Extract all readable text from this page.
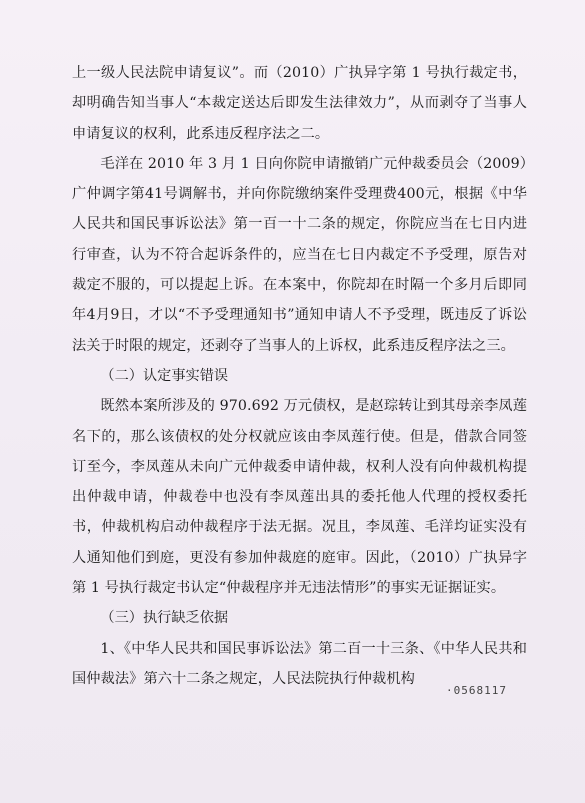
上一级人民法院申请复议”。而（2010）广执异字第 1 号执行裁定书，却明确告知当事人“本裁定送达后即发生法律效力”，从而剥夺了当事人申请复议的权利，此系违反程序法之二。

毛洋在 2010 年 3 月 1 日向你院申请撤销广元仲裁委员会（2009）广仲调字第41号调解书，并向你院缴纳案件受理费400元，根据《中华人民共和国民事诉讼法》第一百一十二条的规定，你院应当在七日内进行审查，认为不符合起诉条件的，应当在七日内裁定不予受理，原告对裁定不服的，可以提起上诉。在本案中，你院却在时隔一个多月后即同年4月9日，才以“不予受理通知书”通知申请人不予受理，既违反了诉讼法关于时限的规定，还剥夺了当事人的上诉权，此系违反程序法之三。

（二）认定事实错误

既然本案所涉及的 970.692 万元债权，是赵琮转让到其母亲李凤莲名下的，那么该债权的处分权就应该由李凤莲行使。但是，借款合同签订至今，李凤莲从未向广元仲裁委申请仲裁，权利人没有向仲裁机构提出仲裁申请，仲裁卷中也没有李凤莲出具的委托他人代理的授权委托书，仲裁机构启动仲裁程序于法无据。况且，李凤莲、毛洋均证实没有人通知他们到庭，更没有参加仲裁庭的庭审。因此，（2010）广执异字第 1 号执行裁定书认定“仲裁程序并无违法情形”的事实无证据证实。

（三）执行缺乏依据

1、《中华人民共和国民事诉讼法》第二百一十三条、《中华人民共和国仲裁法》第六十二条之规定，人民法院执行仲裁机构

·0568117
